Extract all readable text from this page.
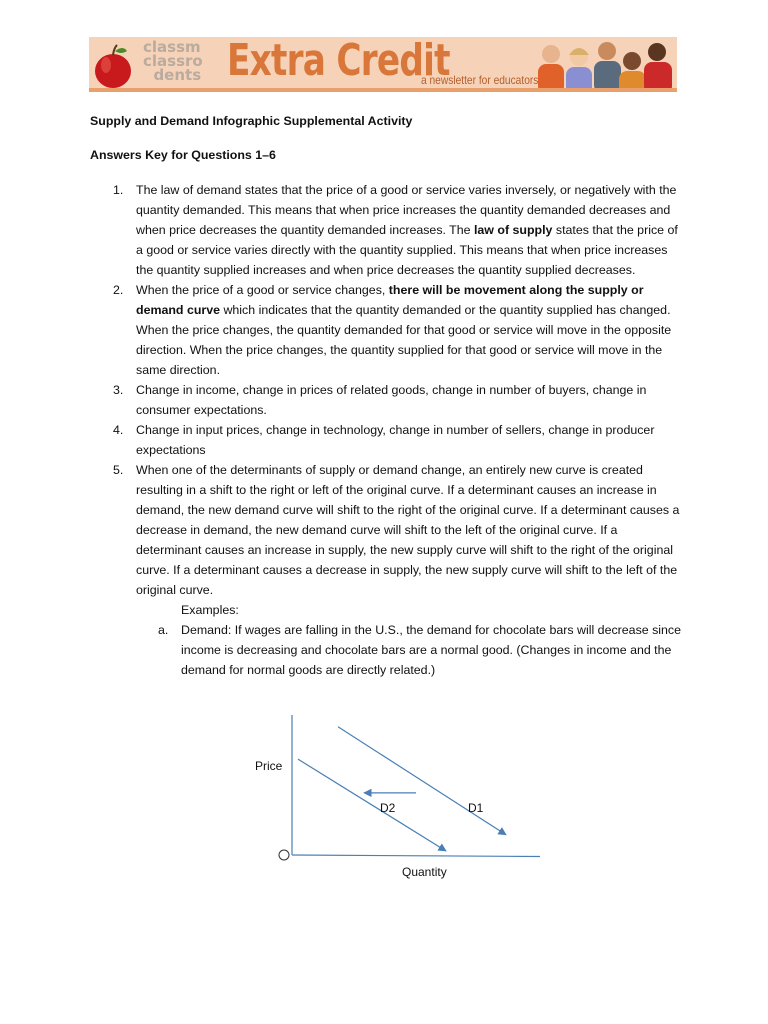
classm
classro
dents Extra Credit
a newsletter for educators
Supply and Demand Infographic Supplemental Activity
Answers Key for Questions 1–6
1. The law of demand states that the price of a good or service varies inversely, or negatively with the quantity demanded. This means that when price increases the quantity demanded decreases and when price decreases the quantity demanded increases. The law of supply states that the price of a good or service varies directly with the quantity supplied. This means that when price increases the quantity supplied increases and when price decreases the quantity supplied decreases.
2. When the price of a good or service changes, there will be movement along the supply or demand curve which indicates that the quantity demanded or the quantity supplied has changed. When the price changes, the quantity demanded for that good or service will move in the opposite direction. When the price changes, the quantity supplied for that good or service will move in the same direction.
3. Change in income, change in prices of related goods, change in number of buyers, change in consumer expectations.
4. Change in input prices, change in technology, change in number of sellers, change in producer expectations
5. When one of the determinants of supply or demand change, an entirely new curve is created resulting in a shift to the right or left of the original curve. If a determinant causes an increase in demand, the new demand curve will shift to the right of the original curve. If a determinant causes a decrease in demand, the new demand curve will shift to the left of the original curve. If a determinant causes an increase in supply, the new supply curve will shift to the right of the original curve. If a determinant causes a decrease in supply, the new supply curve will shift to the left of the original curve.
Examples:
a. Demand: If wages are falling in the U.S., the demand for chocolate bars will decrease since income is decreasing and chocolate bars are a normal good. (Changes in income and the demand for normal goods are directly related.)
D1
D2
Price
Quantity
